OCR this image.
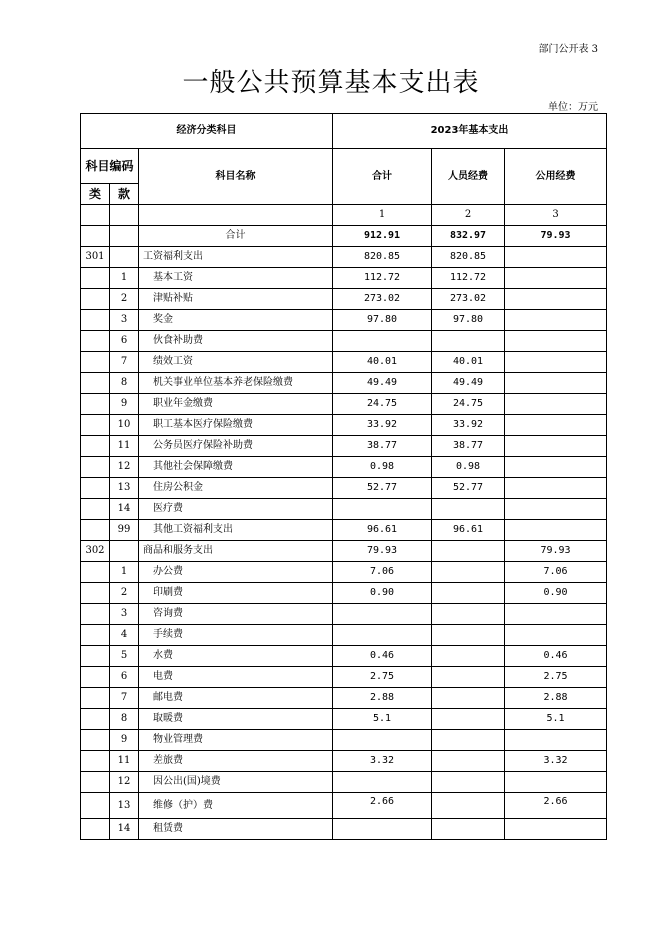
部门公开表 3
一般公共预算基本支出表
单位：万元
经济分类科目			2023年基本支出		
科目编码		科目名称	合计	人员经费	公用经费
类	款				
			1	2	3
		合计	912.91	832.97	79.93
301		工资福利支出	820.85	820.85	
	1	基本工资	112.72	112.72	
	2	津贴补贴	273.02	273.02	
	3	奖金	97.80	97.80	
	6	伙食补助费			
	7	绩效工资	40.01	40.01	
	8	机关事业单位基本养老保险缴费	49.49	49.49	
	9	职业年金缴费	24.75	24.75	
	10	职工基本医疗保险缴费	33.92	33.92	
	11	公务员医疗保险补助费	38.77	38.77	
	12	其他社会保障缴费	0.98	0.98	
	13	住房公积金	52.77	52.77	
	14	医疗费			
	99	其他工资福利支出	96.61	96.61	
302		商品和服务支出	79.93		79.93
	1	办公费	7.06		7.06
	2	印刷费	0.90		0.90
	3	咨询费			
	4	手续费			
	5	水费	0.46		0.46
	6	电费	2.75		2.75
	7	邮电费	2.88		2.88
	8	取暖费	5.1		5.1
	9	物业管理费			
	11	差旅费	3.32		3.32
	12	因公出(国)境费			
	13	维修（护）费	2.66		2.66
	14	租赁费			
